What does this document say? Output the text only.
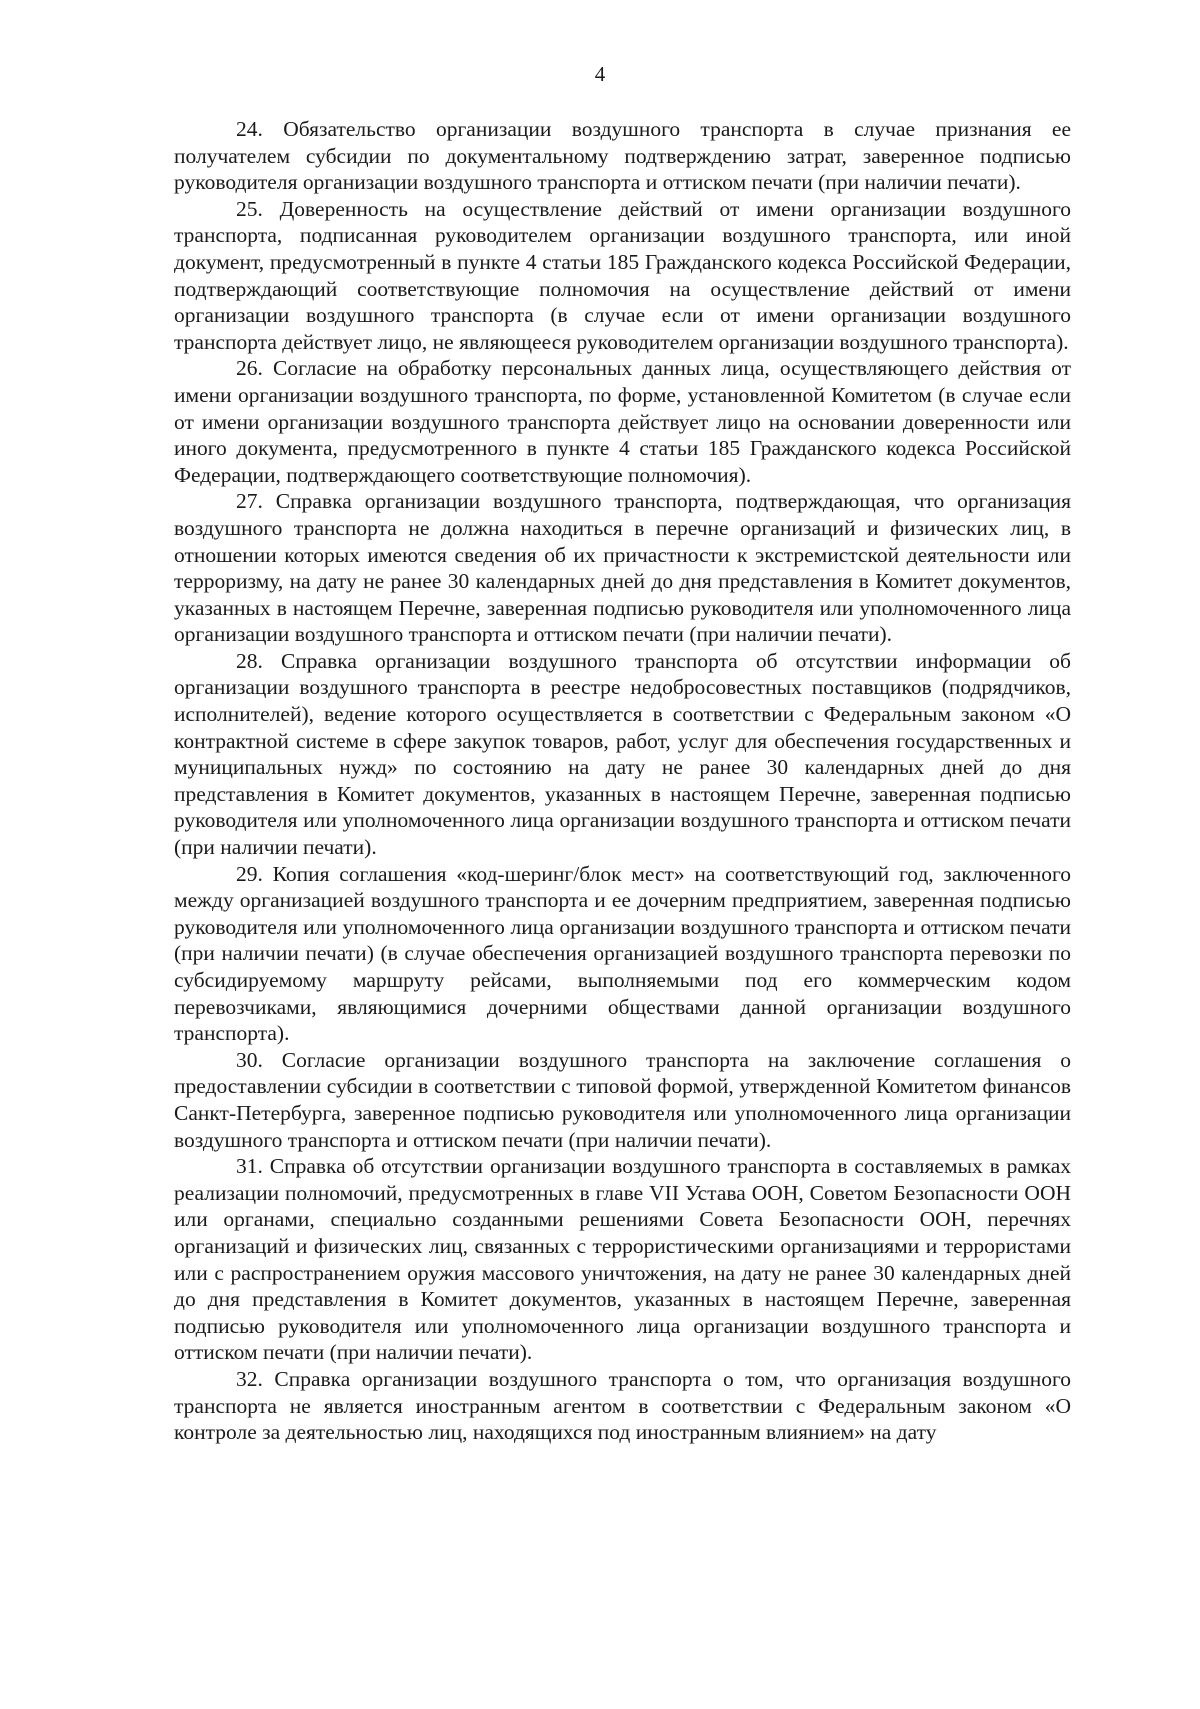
4

24. Обязательство организации воздушного транспорта в случае признания ее получателем субсидии по документальному подтверждению затрат, заверенное подписью руководителя организации воздушного транспорта и оттиском печати (при наличии печати).

25. Доверенность на осуществление действий от имени организации воздушного транспорта, подписанная руководителем организации воздушного транспорта, или иной документ, предусмотренный в пункте 4 статьи 185 Гражданского кодекса Российской Федерации, подтверждающий соответствующие полномочия на осуществление действий от имени организации воздушного транспорта (в случае если от имени организации воздушного транспорта действует лицо, не являющееся руководителем организации воздушного транспорта).

26. Согласие на обработку персональных данных лица, осуществляющего действия от имени организации воздушного транспорта, по форме, установленной Комитетом (в случае если от имени организации воздушного транспорта действует лицо на основании доверенности или иного документа, предусмотренного в пункте 4 статьи 185 Гражданского кодекса Российской Федерации, подтверждающего соответствующие полномочия).

27. Справка организации воздушного транспорта, подтверждающая, что организация воздушного транспорта не должна находиться в перечне организаций и физических лиц, в отношении которых имеются сведения об их причастности к экстремистской деятельности или терроризму, на дату не ранее 30 календарных дней до дня представления в Комитет документов, указанных в настоящем Перечне, заверенная подписью руководителя или уполномоченного лица организации воздушного транспорта и оттиском печати (при наличии печати).

28. Справка организации воздушного транспорта об отсутствии информации об организации воздушного транспорта в реестре недобросовестных поставщиков (подрядчиков, исполнителей), ведение которого осуществляется в соответствии с Федеральным законом «О контрактной системе в сфере закупок товаров, работ, услуг для обеспечения государственных и муниципальных нужд» по состоянию на дату не ранее 30 календарных дней до дня представления в Комитет документов, указанных в настоящем Перечне, заверенная подписью руководителя или уполномоченного лица организации воздушного транспорта и оттиском печати (при наличии печати).

29. Копия соглашения «код-шеринг/блок мест» на соответствующий год, заключенного между организацией воздушного транспорта и ее дочерним предприятием, заверенная подписью руководителя или уполномоченного лица организации воздушного транспорта и оттиском печати (при наличии печати) (в случае обеспечения организацией воздушного транспорта перевозки по субсидируемому маршруту рейсами, выполняемыми под его коммерческим кодом перевозчиками, являющимися дочерними обществами данной организации воздушного транспорта).

30. Согласие организации воздушного транспорта на заключение соглашения о предоставлении субсидии в соответствии с типовой формой, утвержденной Комитетом финансов Санкт-Петербурга, заверенное подписью руководителя или уполномоченного лица организации воздушного транспорта и оттиском печати (при наличии печати).

31. Справка об отсутствии организации воздушного транспорта в составляемых в рамках реализации полномочий, предусмотренных в главе VII Устава ООН, Советом Безопасности ООН или органами, специально созданными решениями Совета Безопасности ООН, перечнях организаций и физических лиц, связанных с террористическими организациями и террористами или с распространением оружия массового уничтожения, на дату не ранее 30 календарных дней до дня представления в Комитет документов, указанных в настоящем Перечне, заверенная подписью руководителя или уполномоченного лица организации воздушного транспорта и оттиском печати (при наличии печати).

32. Справка организации воздушного транспорта о том, что организация воздушного транспорта не является иностранным агентом в соответствии с Федеральным законом «О контроле за деятельностью лиц, находящихся под иностранным влиянием» на дату
